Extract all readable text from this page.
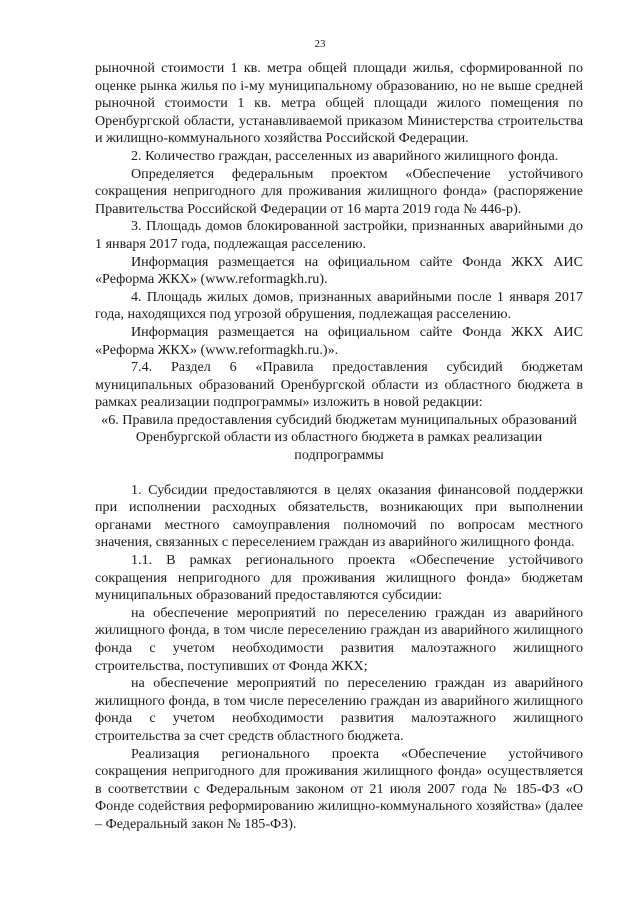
23

рыночной стоимости 1 кв. метра общей площади жилья, сформированной по оценке рынка жилья по i-му муниципальному образованию, но не выше средней рыночной стоимости 1 кв. метра общей площади жилого помещения по Оренбургской области, устанавливаемой приказом Министерства строительства и жилищно-коммунального хозяйства Российской Федерации.

2. Количество граждан, расселенных из аварийного жилищного фонда.

Определяется федеральным проектом «Обеспечение устойчивого сокращения непригодного для проживания жилищного фонда» (распоряжение Правительства Российской Федерации от 16 марта 2019 года № 446-р).

3. Площадь домов блокированной застройки, признанных аварийными до 1 января 2017 года, подлежащая расселению.

Информация размещается на официальном сайте Фонда ЖКХ АИС «Реформа ЖКХ» (www.reformagkh.ru).

4. Площадь жилых домов, признанных аварийными после 1 января 2017 года, находящихся под угрозой обрушения, подлежащая расселению.

Информация размещается на официальном сайте Фонда ЖКХ АИС «Реформа ЖКХ» (www.reformagkh.ru.)».

7.4. Раздел 6 «Правила предоставления субсидий бюджетам муниципальных образований Оренбургской области из областного бюджета в рамках реализации подпрограммы» изложить в новой редакции:

«6. Правила предоставления субсидий бюджетам муниципальных образований Оренбургской области из областного бюджета в рамках реализации подпрограммы

1. Субсидии предоставляются в целях оказания финансовой поддержки при исполнении расходных обязательств, возникающих при выполнении органами местного самоуправления полномочий по вопросам местного значения, связанных с переселением граждан из аварийного жилищного фонда.

1.1. В рамках регионального проекта «Обеспечение устойчивого сокращения непригодного для проживания жилищного фонда» бюджетам муниципальных образований предоставляются субсидии:

на обеспечение мероприятий по переселению граждан из аварийного жилищного фонда, в том числе переселению граждан из аварийного жилищного фонда с учетом необходимости развития малоэтажного жилищного строительства, поступивших от Фонда ЖКХ;

на обеспечение мероприятий по переселению граждан из аварийного жилищного фонда, в том числе переселению граждан из аварийного жилищного фонда с учетом необходимости развития малоэтажного жилищного строительства за счет средств областного бюджета.

Реализация регионального проекта «Обеспечение устойчивого сокращения непригодного для проживания жилищного фонда» осуществляется в соответствии с Федеральным законом от 21 июля 2007 года № 185-ФЗ «О Фонде содействия реформированию жилищно-коммунального хозяйства» (далее – Федеральный закон № 185-ФЗ).
